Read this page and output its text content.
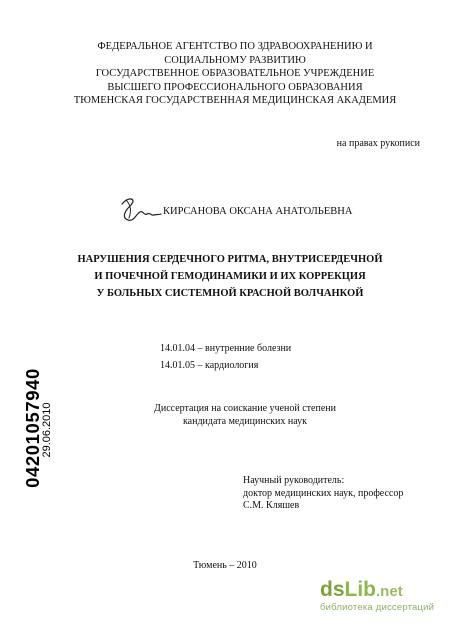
ФЕДЕРАЛЬНОЕ АГЕНТСТВО ПО ЗДРАВООХРАНЕНИЮ И
СОЦИАЛЬНОМУ РАЗВИТИЮ
ГОСУДАРСТВЕННОЕ ОБРАЗОВАТЕЛЬНОЕ УЧРЕЖДЕНИЕ
ВЫСШЕГО ПРОФЕССИОНАЛЬНОГО ОБРАЗОВАНИЯ
ТЮМЕНСКАЯ ГОСУДАРСТВЕННАЯ МЕДИЦИНСКАЯ АКАДЕМИЯ
на правах рукописи
КИРСАНОВА ОКСАНА АНАТОЛЬЕВНА
НАРУШЕНИЯ СЕРДЕЧНОГО РИТМА, ВНУТРИСЕРДЕЧНОЙ
И ПОЧЕЧНОЙ ГЕМОДИНАМИКИ И ИХ КОРРЕКЦИЯ
У БОЛЬНЫХ СИСТЕМНОЙ КРАСНОЙ ВОЛЧАНКОЙ
14.01.04 – внутренние болезни
14.01.05 – кардиология
Диссертация на соискание ученой степени
кандидата медицинских наук
Научный руководитель:
доктор медицинских наук, профессор
С.М. Кляшев
Тюмень – 2010
04201057940
29.06.2010
dsLib.net
библиотека диссертаций
